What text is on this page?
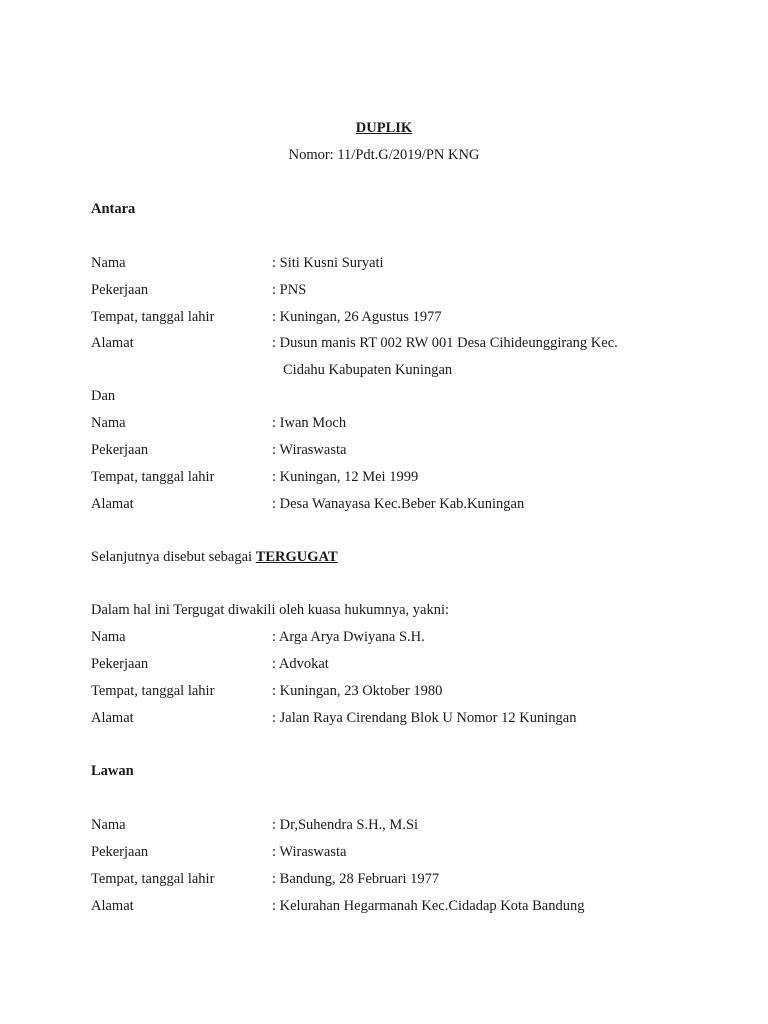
DUPLIK
Nomor: 11/Pdt.G/2019/PN KNG
Antara
Nama	: Siti Kusni Suryati
Pekerjaan	: PNS
Tempat, tanggal lahir	: Kuningan, 26 Agustus 1977
Alamat	: Dusun manis RT 002 RW 001 Desa Cihideunggirang Kec.
Cidahu Kabupaten Kuningan
Dan
Nama	: Iwan Moch
Pekerjaan	: Wiraswasta
Tempat, tanggal lahir	: Kuningan, 12 Mei 1999
Alamat	: Desa Wanayasa Kec.Beber Kab.Kuningan
Selanjutnya disebut sebagai TERGUGAT
Dalam hal ini Tergugat diwakili oleh kuasa hukumnya, yakni:
Nama	: Arga Arya Dwiyana S.H.
Pekerjaan	: Advokat
Tempat, tanggal lahir	: Kuningan, 23 Oktober 1980
Alamat	: Jalan Raya Cirendang Blok U Nomor 12 Kuningan
Lawan
Nama	: Dr,Suhendra S.H., M.Si
Pekerjaan	: Wiraswasta
Tempat, tanggal lahir	: Bandung, 28 Februari 1977
Alamat	: Kelurahan Hegarmanah Kec.Cidadap Kota Bandung
